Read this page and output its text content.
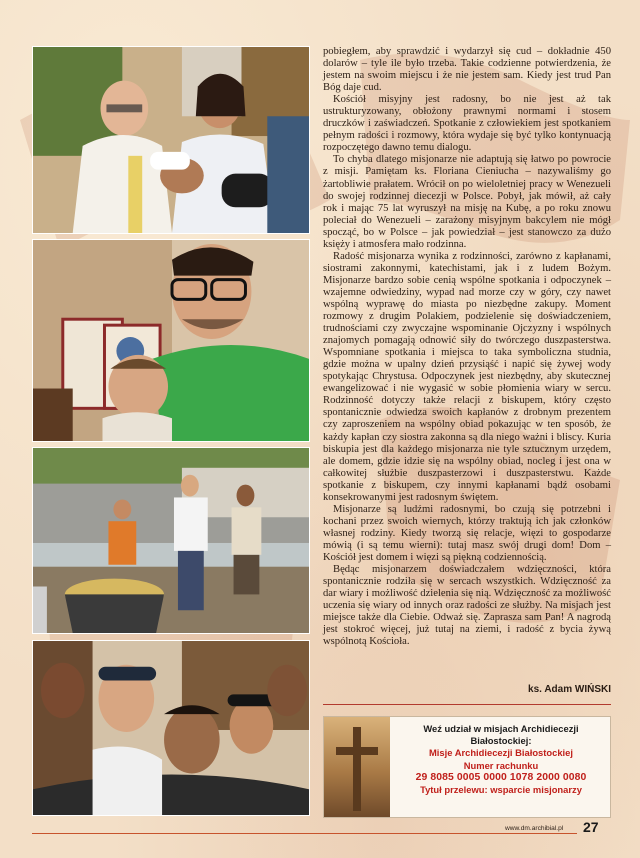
pobiegłem, aby sprawdzić i wydarzył się cud – dokładnie 450 dolarów – tyle ile było trzeba. Takie codzienne potwierdzenia, że jestem na swoim miejscu i że nie jestem sam. Kiedy jest trud Pan Bóg daje cud.

Kościół misyjny jest radosny, bo nie jest aż tak ustrukturyzowany, obłożony prawnymi normami i stosem druczków i zaświadczeń. Spotkanie z człowiekiem jest spotkaniem pełnym radości i rozmowy, która wydaje się być tylko kontynuacją rozpoczętego dawno temu dialogu.

To chyba dlatego misjonarze nie adaptują się łatwo po powrocie z misji. Pamiętam ks. Floriana Cieniucha – nazywaliśmy go żartobliwie prałatem. Wrócił on po wieloletniej pracy w Wenezueli do swojej rodzinnej diecezji w Polsce. Pobył, jak mówił, aż cały rok i mając 75 lat wyruszył na misję na Kubę, a po roku znowu poleciał do Wenezueli – zarażony misyjnym bakcylem nie mógł spocząć, bo w Polsce – jak powiedział – jest stanowczo za dużo księży i atmosfera mało rodzinna.

Radość misjonarza wynika z rodzinności, zarówno z kapłanami, siostrami zakonnymi, katechistami, jak i z ludem Bożym. Misjonarze bardzo sobie cenią wspólne spotkania i odpoczynek – wzajemne odwiedziny, wypad nad morze czy w góry, czy nawet wspólną wyprawę do miasta po niezbędne zakupy. Moment rozmowy z drugim Polakiem, podzielenie się doświadczeniem, trudnościami czy zwyczajne wspominanie Ojczyzny i wspólnych znajomych pomagają odnowić siły do twórczego duszpasterstwa. Wspomniane spotkania i miejsca to taka symboliczna studnia, gdzie można w upalny dzień przysiąść i napić się żywej wody spotykając Chrystusa. Odpoczynek jest niezbędny, aby skutecznej ewangelizować i nie wygasić w sobie płomienia wiary w sercu. Rodzinność dotyczy także relacji z biskupem, który często spontanicznie odwiedza swoich kapłanów z drobnym prezentem czy zaproszeniem na wspólny obiad pokazując w ten sposób, że każdy kapłan czy siostra zakonna są dla niego ważni i bliscy. Kuria biskupia jest dla każdego misjonarza nie tyle sztucznym urzędem, ale domem, gdzie idzie się na wspólny obiad, nocleg i jest ona w całkowitej służbie duszpasterzowi i duszpasterstwu. Każde spotkanie z biskupem, czy innymi kapłanami bądź osobami konsekrowanymi jest radosnym świętem.

Misjonarze są ludźmi radosnymi, bo czują się potrzebni i kochani przez swoich wiernych, którzy traktują ich jak członków własnej rodziny. Kiedy tworzą się relacje, więzi to gospodarze mówią (i są temu wierni): tutaj masz swój drugi dom! Dom – Kościół jest domem i więzi są piękną codziennością.

Będąc misjonarzem doświadczałem wdzięczności, która spontanicznie rodziła się w sercach wszystkich. Wdzięczność za dar wiary i możliwość dzielenia się nią. Wdzięczność za możliwość uczenia się wiary od innych oraz radości ze służby. Na misjach jest miejsce także dla Ciebie. Odważ się. Zaprasza sam Pan! A nagrodą jest stokroć więcej, już tutaj na ziemi, i radość z bycia żywą wspólnotą Kościoła.

ks. Adam WIŃSKI
Weź udział w misjach Archidiecezji Białostockiej:
Misje Archidiecezji Białostockiej
Numer rachunku
29 8085 0005 0000 1078 2000 0080
Tytuł przelewu: wsparcie misjonarzy
www.dm.archibial.pl 27
